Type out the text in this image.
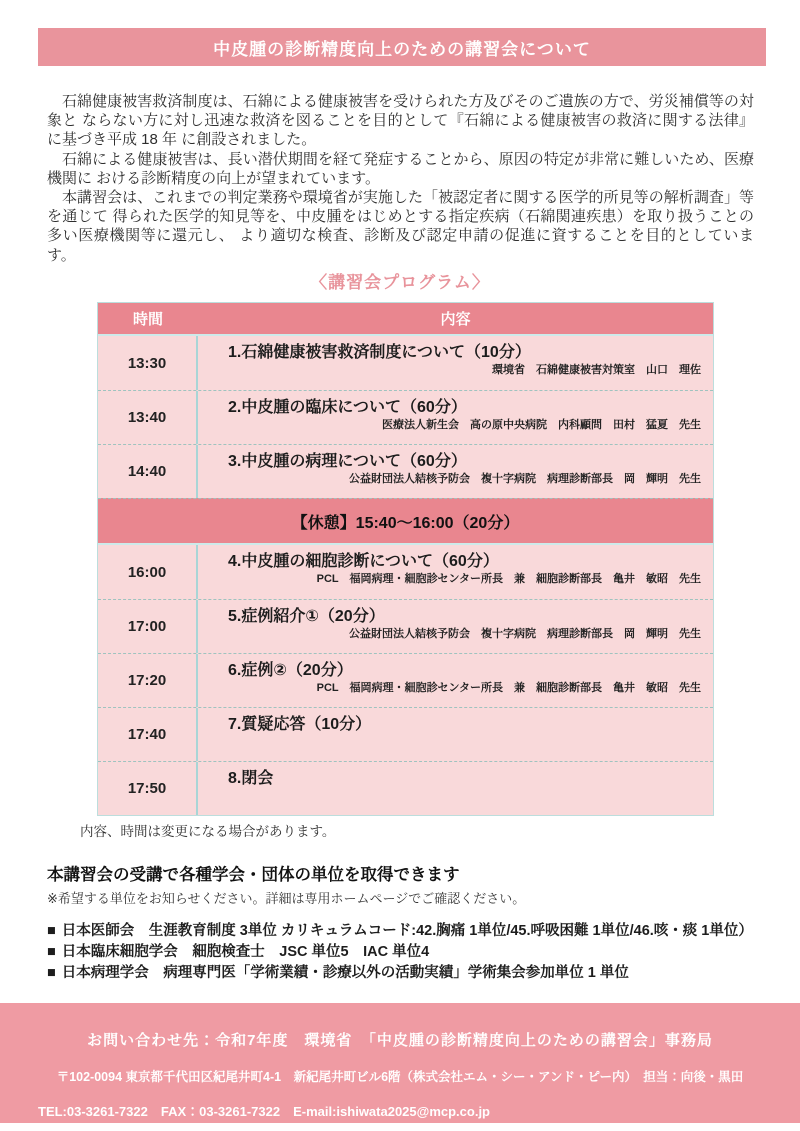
中皮腫の診断精度向上のための講習会について

石綿健康被害救済制度は、石綿による健康被害を受けられた方及びそのご遺族の方で、労災補償等の対象と ならない方に対し迅速な救済を図ることを目的として『石綿による健康被害の救済に関する法律』に基づき平成 18 年 に創設されました。

石綿による健康被害は、長い潜伏期間を経て発症することから、原因の特定が非常に難しいため、医療機関に おける診断精度の向上が望まれています。

本講習会は、これまでの判定業務や環境省が実施した「被認定者に関する医学的所見等の解析調査」等を通じて 得られた医学的知見等を、中皮腫をはじめとする指定疾病（石綿関連疾患）を取り扱うことの多い医療機関等に還元し、 より適切な検査、診断及び認定申請の促進に資することを目的としています。

〈講習会プログラム〉
時間	内容
13:30
1.石綿健康被害救済制度について（10分）
環境省　石綿健康被害対策室　山口　理佐
13:40
2.中皮腫の臨床について（60分）
医療法人新生会　高の原中央病院　内科顧問　田村　猛夏　先生
14:40
3.中皮腫の病理について（60分）
公益財団法人結核予防会　複十字病院　病理診断部長　岡　輝明　先生
【休憩】15:40～16:00（20分）
16:00
4.中皮腫の細胞診断について（60分）
PCL　福岡病理・細胞診センター所長　兼　細胞診断部長　亀井　敏昭　先生
17:00
5.症例紹介①（20分）
公益財団法人結核予防会　複十字病院　病理診断部長　岡　輝明　先生
17:20
6.症例②（20分）
PCL　福岡病理・細胞診センター所長　兼　細胞診断部長　亀井　敏昭　先生
17:40
7.質疑応答（10分）
17:50
8.閉会
内容、時間は変更になる場合があります。
本講習会の受講で各種学会・団体の単位を取得できます
※希望する単位をお知らせください。詳細は専用ホームページでご確認ください。
■ 日本医師会　生涯教育制度 3単位 カリキュラムコード:42.胸痛 1単位/45.呼吸困難 1単位/46.咳・痰 1単位）
■ 日本臨床細胞学会　細胞検査士　JSC 単位5　IAC 単位4
■ 日本病理学会　病理専門医「学術業績・診療以外の活動実績」学術集会参加単位 1 単位
お問い合わせ先：令和7年度　環境省　「中皮腫の診断精度向上のための講習会」事務局
〒102-0094 東京都千代田区紀尾井町4-1　新紀尾井町ビル6階（株式会社エム・シー・アンド・ピー内）　担当：向後・黒田
TEL:03-3261-7322　FAX：03-3261-7322　E-mail:ishiwata2025@mcp.co.jp
